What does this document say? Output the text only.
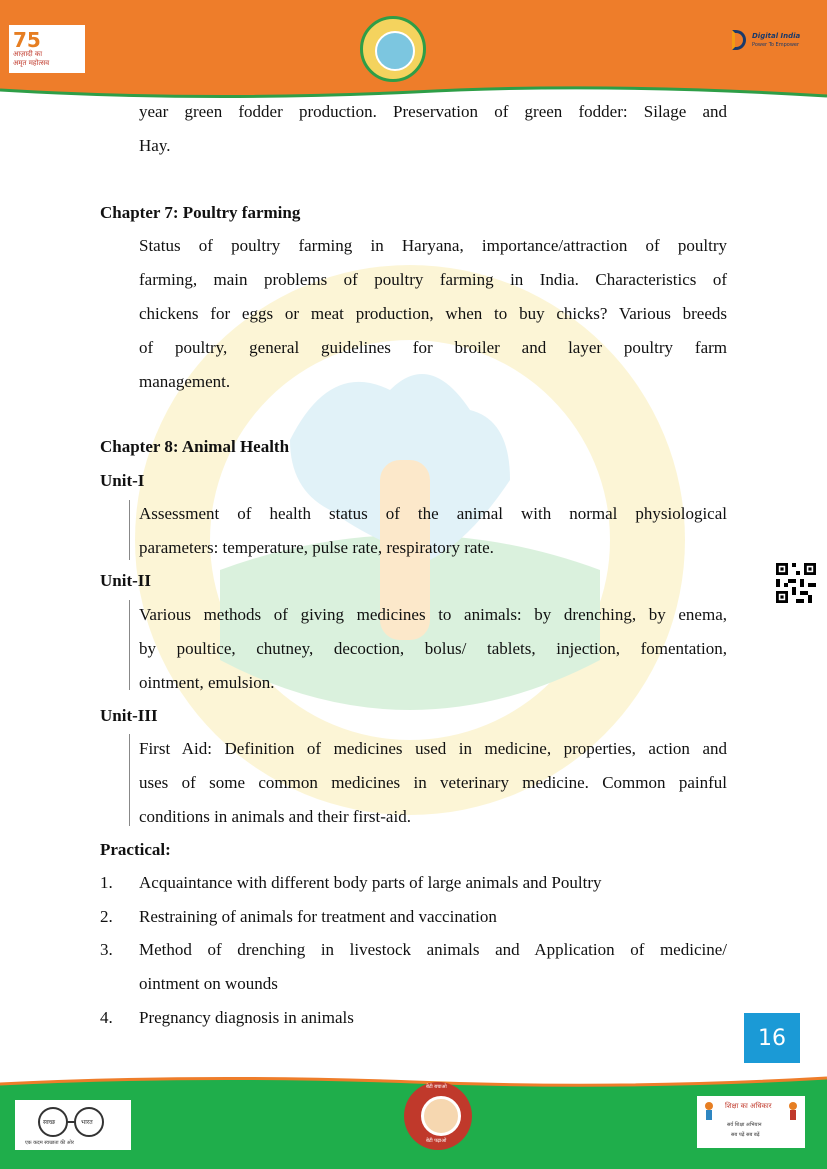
75
आज़ादी का
अमृत महोत्सव
Digital India
Power To Empower

year green fodder production. Preservation of green fodder: Silage and

Hay.

Chapter 7: Poultry farming

Status of poultry farming in Haryana, importance/attraction of poultry

farming, main problems of poultry farming in India. Characteristics of

chickens for eggs or meat production, when to buy chicks? Various breeds

of poultry, general guidelines for broiler and layer poultry farm

management.

Chapter 8: Animal Health
Unit-I

Assessment of health status of the animal with normal physiological

parameters: temperature, pulse rate, respiratory rate.

Unit-II

Various methods of giving medicines to animals: by drenching, by enema,

by poultice, chutney, decoction, bolus/ tablets, injection, fomentation,

ointment, emulsion.

Unit-III

First Aid: Definition of medicines used in medicine, properties, action and

uses of some common medicines in veterinary medicine. Common painful

conditions in animals and their first-aid.

Practical:
1. Acquaintance with different body parts of large animals and Poultry
2. Restraining of animals for treatment and vaccination
3. Method of drenching in livestock animals and Application of medicine/
ointment on wounds
4. Pregnancy diagnosis in animals
16
स्वच्छ	भारत
एक कदम स्वच्छता की ओर
बेटी बचाओ
बेटी पढ़ाओ
शिक्षा का अधिकार
सर्व शिक्षा अभियान
सब पढ़ें सब बढ़ें
